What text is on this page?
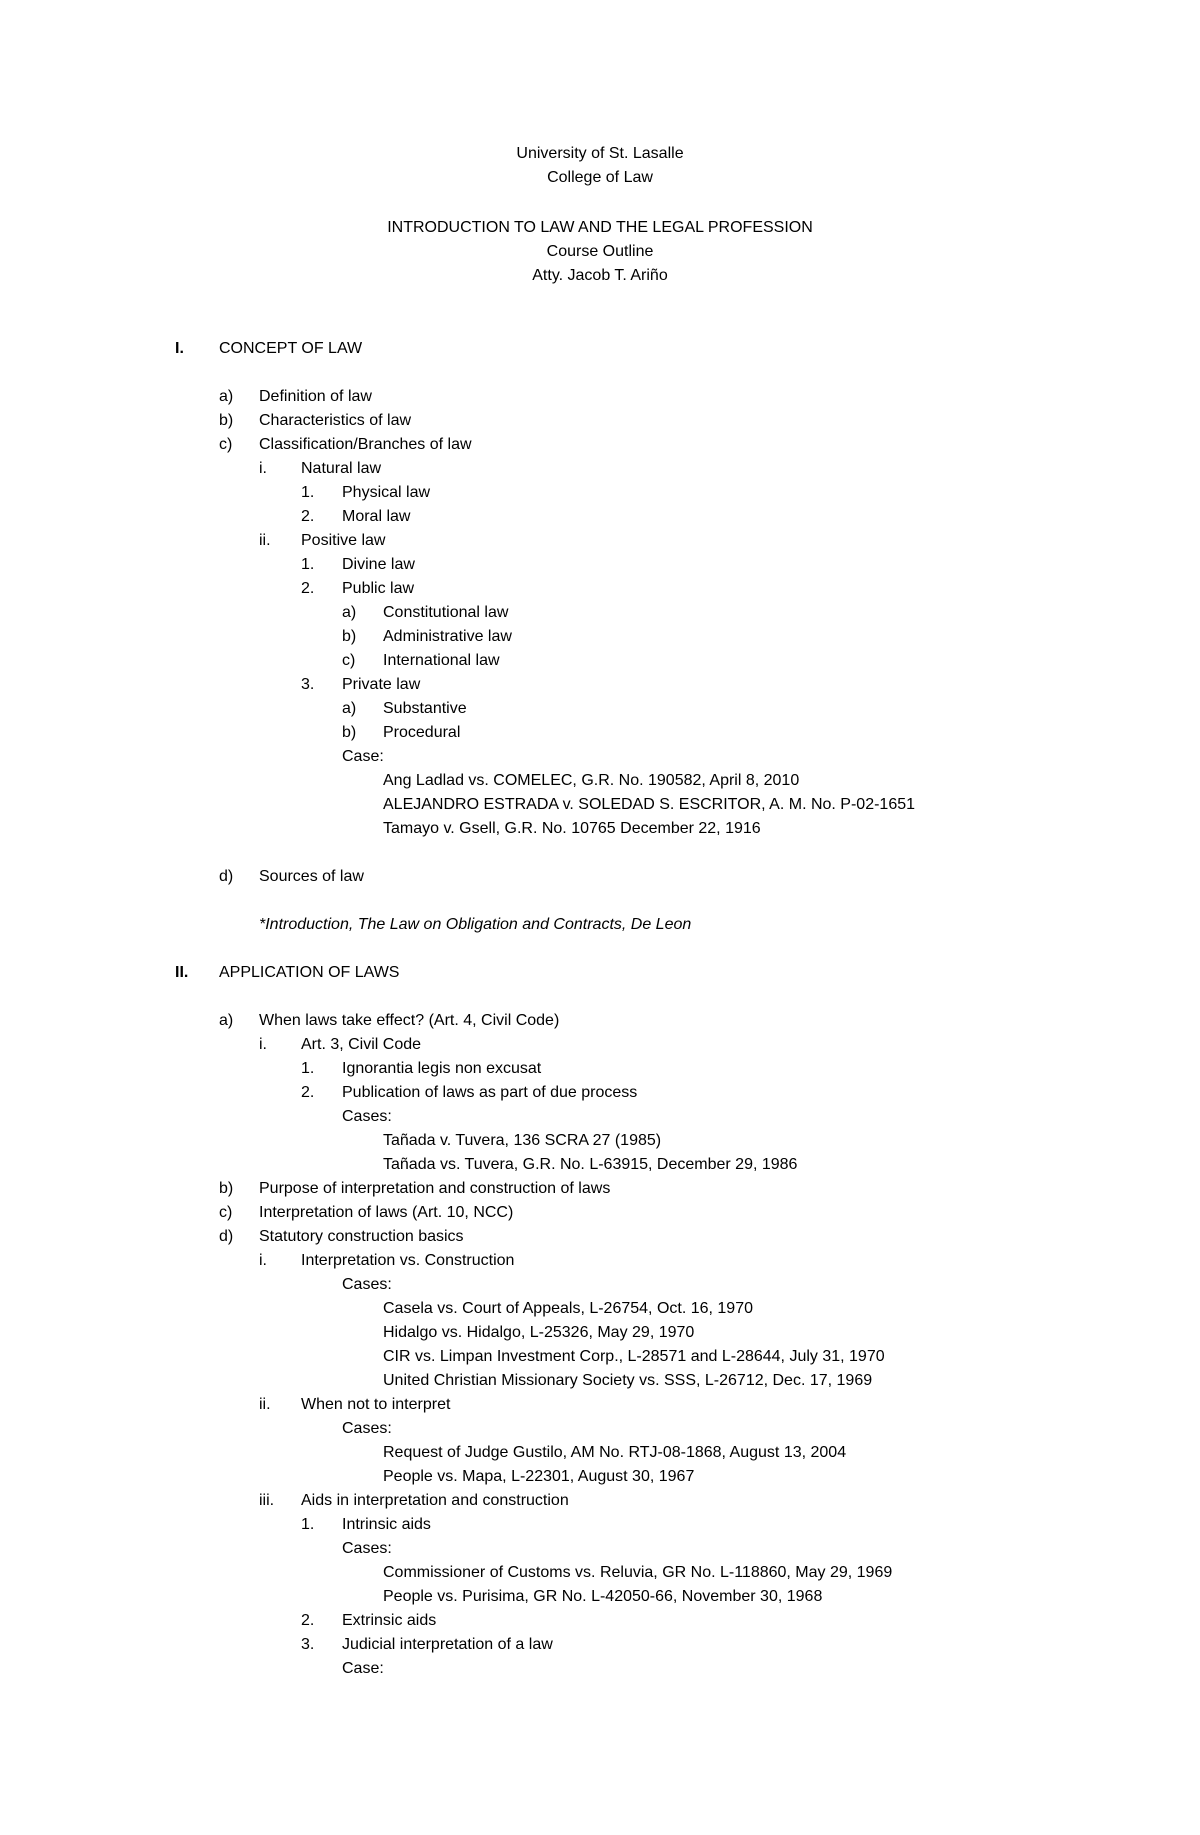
University of St. Lasalle
College of Law
INTRODUCTION TO LAW AND THE LEGAL PROFESSION
Course Outline
Atty. Jacob T. Ariño
I. CONCEPT OF LAW
a) Definition of law
b) Characteristics of law
c) Classification/Branches of law
i. Natural law
1. Physical law
2. Moral law
ii. Positive law
1. Divine law
2. Public law
a) Constitutional law
b) Administrative law
c) International law
3. Private law
a) Substantive
b) Procedural
Case:
Ang Ladlad vs. COMELEC, G.R. No. 190582, April 8, 2010
ALEJANDRO ESTRADA v. SOLEDAD S. ESCRITOR, A. M. No. P-02-1651
Tamayo v. Gsell, G.R. No. 10765 December 22, 1916
d) Sources of law
*Introduction, The Law on Obligation and Contracts, De Leon
II. APPLICATION OF LAWS
a) When laws take effect? (Art. 4, Civil Code)
i. Art. 3, Civil Code
1. Ignorantia legis non excusat
2. Publication of laws as part of due process
Cases:
Tañada v. Tuvera, 136 SCRA 27 (1985)
Tañada vs. Tuvera, G.R. No. L-63915, December 29, 1986
b) Purpose of interpretation and construction of laws
c) Interpretation of laws (Art. 10, NCC)
d) Statutory construction basics
i. Interpretation vs. Construction
Cases:
Casela vs. Court of Appeals, L-26754, Oct. 16, 1970
Hidalgo vs. Hidalgo, L-25326, May 29, 1970
CIR vs. Limpan Investment Corp., L-28571 and L-28644, July 31, 1970
United Christian Missionary Society vs. SSS, L-26712, Dec. 17, 1969
ii. When not to interpret
Cases:
Request of Judge Gustilo, AM No. RTJ-08-1868, August 13, 2004
People vs. Mapa, L-22301, August 30, 1967
iii. Aids in interpretation and construction
1. Intrinsic aids
Cases:
Commissioner of Customs vs. Reluvia, GR No. L-118860, May 29, 1969
People vs. Purisima, GR No. L-42050-66, November 30, 1968
2. Extrinsic aids
3. Judicial interpretation of a law
Case:
